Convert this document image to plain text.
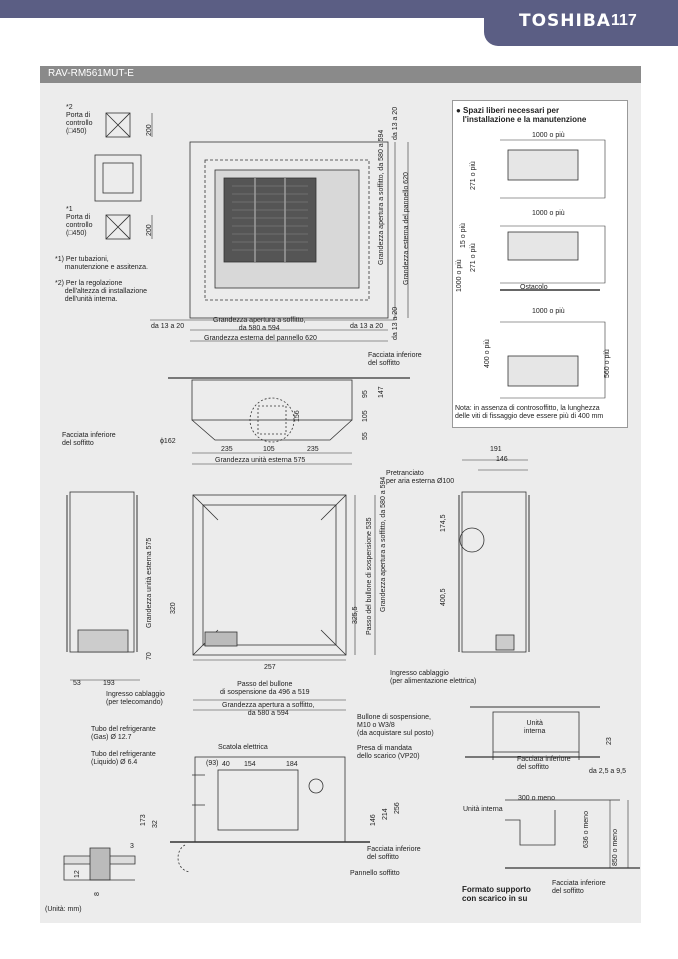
TOSHIBA 117
RAV-RM561MUT-E
*2
Porta di
controllo
(□450)
*1
Porta di
controllo
(□450)
*1) Per tubazioni,
manutenzione e assitenza.
*2) Per la regolazione
dell'altezza di installazione
dell'unità interna.
200
200
da 13 a 20	da 13 a 20
Grandezza apertura a soffitto,
da 580 a 594
Grandezza esterna del pannello 620
Grandezza apertura a soffitto, da 580 a 594	Grandezza esterna del pannello 620
da 13 a 20
da 13 a 20
● Spazi liberi necessari per
l'installazione e la manutenzione
1000 o più
271 o più
1000 o più
15 o più
271 o più
1000 o più	Ostacolo
1000 o più
400 o più	560 o più
Nota: in assenza di controsoffitto, la lunghezza
delle viti di fissaggio deve essere più di 400 mm
Facciata inferiore
del soffitto
ϕ162
235	105	235
Grandezza unità esterna 575
156
95 147
105
55
Facciata inferiore
del soffitto
Grandezza unità esterna 575 320
70
53	193
Ingresso cablaggio
(per telecomando)
257
Passo del bullone
di sospensione da 496 a 519
Grandezza apertura a soffitto,
da 580 a 594
325,5 Passo del bullone di sospensione 535 Grandezza apertura a soffitto, da 580 a 594
Pretranciato
per aria esterna Ø100
191
146
174,5
400,5
Ingresso cablaggio
(per alimentazione elettrica)
Tubo del refrigerante
(Gas) Ø 12.7
Tubo del refrigerante
(Liquido) Ø 6.4
Scatola elettrica
(93) 40 154	184
Bullone di sospensione,
M10 o W3/8
(da acquistare sul posto)
Presa di mandata
dello scarico (VP20)
173 32	146
214
256
3
12
8
Facciata inferiore
del soffitto
Pannello soffitto
Unità
interna
23
Facciata inferiore
del soffitto
da 2,5 a 9,5
Unità interna
300 o meno
636 o meno	850 o meno
Formato supporto
con scarico in su
Facciata inferiore
del soffitto
(Unità: mm)
